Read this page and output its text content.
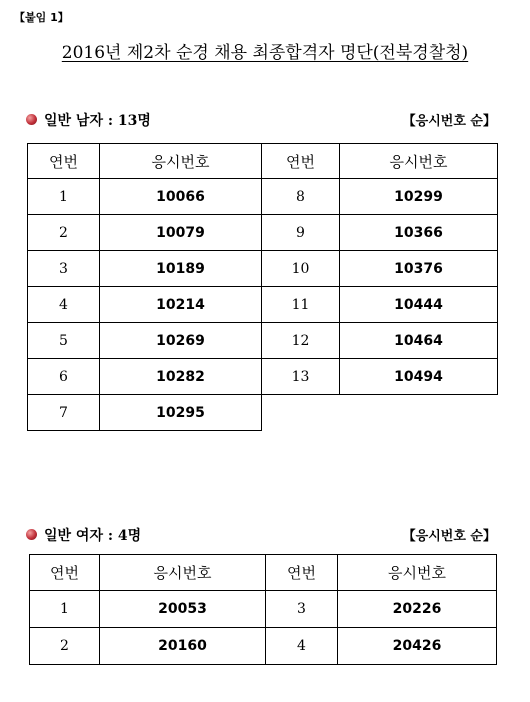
【붙임 1】
2016년 제2차 순경 채용 최종합격자 명단(전북경찰청)
일반 남자 : 13명	【응시번호 순】
연번	응시번호	연번	응시번호
1	10066	8	10299
2	10079	9	10366
3	10189	10	10376
4	10214	11	10444
5	10269	12	10464
6	10282	13	10494
7	10295		
일반 여자 : 4명	【응시번호 순】
연번	응시번호	연번	응시번호
1	20053	3	20226
2	20160	4	20426
